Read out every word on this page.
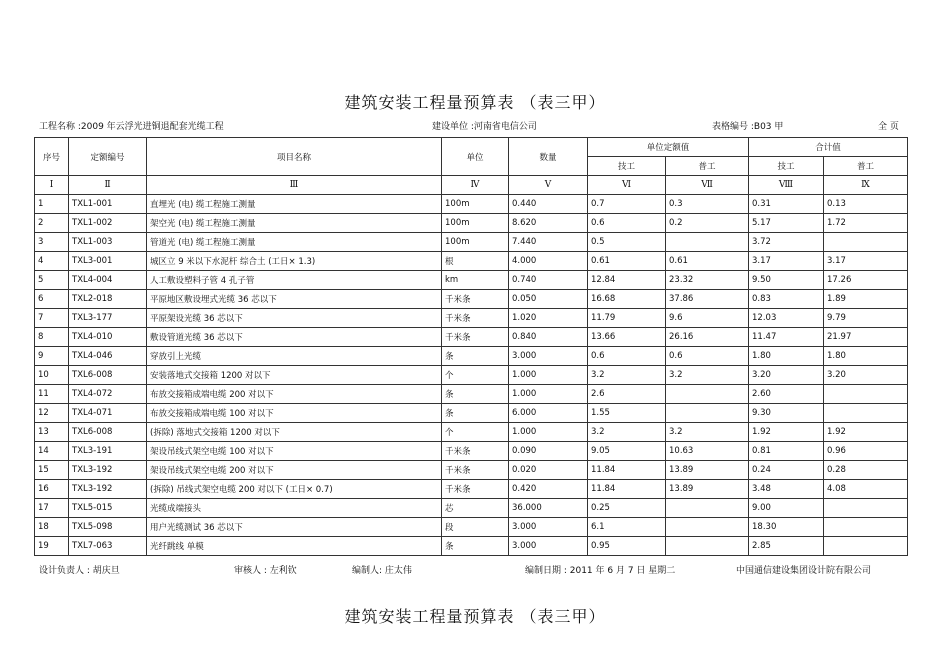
建筑安装工程量预算表 （表三甲）
工程名称 :2009 年云浮光进铜退配套光缆工程	建设单位 :河南省电信公司	表格编号 :B03 甲	全 页
序号	定额编号	项目名称	单位	数量	单位定额值		合计值	
					技工	普工	技工	普工
Ⅰ	Ⅱ	Ⅲ	Ⅳ	Ⅴ	Ⅵ	Ⅶ	Ⅷ	Ⅸ
1	TXL1-001	直埋光 (电) 缆工程施工测量	100m	0.440	0.7	0.3	0.31	0.13
2	TXL1-002	架空光 (电) 缆工程施工测量	100m	8.620	0.6	0.2	5.17	1.72
3	TXL1-003	管道光 (电) 缆工程施工测量	100m	7.440	0.5		3.72	
4	TXL3-001	城区立 9 米以下水泥杆 综合土 (工日× 1.3)	根	4.000	0.61	0.61	3.17	3.17
5	TXL4-004	人工敷设塑料子管 4 孔子管	km	0.740	12.84	23.32	9.50	17.26
6	TXL2-018	平原地区敷设埋式光缆 36 芯以下	千米条	0.050	16.68	37.86	0.83	1.89
7	TXL3-177	平原架设光缆 36 芯以下	千米条	1.020	11.79	9.6	12.03	9.79
8	TXL4-010	敷设管道光缆 36 芯以下	千米条	0.840	13.66	26.16	11.47	21.97
9	TXL4-046	穿放引上光缆	条	3.000	0.6	0.6	1.80	1.80
10	TXL6-008	安装落地式交接箱 1200 对以下	个	1.000	3.2	3.2	3.20	3.20
11	TXL4-072	布放交接箱成端电缆 200 对以下	条	1.000	2.6		2.60	
12	TXL4-071	布放交接箱成端电缆 100 对以下	条	6.000	1.55		9.30	
13	TXL6-008	(拆除) 落地式交接箱 1200 对以下	个	1.000	3.2	3.2	1.92	1.92
14	TXL3-191	架设吊线式架空电缆 100 对以下	千米条	0.090	9.05	10.63	0.81	0.96
15	TXL3-192	架设吊线式架空电缆 200 对以下	千米条	0.020	11.84	13.89	0.24	0.28
16	TXL3-192	(拆除) 吊线式架空电缆 200 对以下 (工日× 0.7)	千米条	0.420	11.84	13.89	3.48	4.08
17	TXL5-015	光缆成端接头	芯	36.000	0.25		9.00	
18	TXL5-098	用户光缆测试 36 芯以下	段	3.000	6.1		18.30	
19	TXL7-063	光纤跳线 单模	条	3.000	0.95		2.85	
设计负责人 : 胡庆旦	审核人 : 左利钦	编制人: 庄太伟	编制日期 : 2011 年 6 月 7 日 星期二	中国通信建设集团设计院有限公司
建筑安装工程量预算表 （表三甲）
